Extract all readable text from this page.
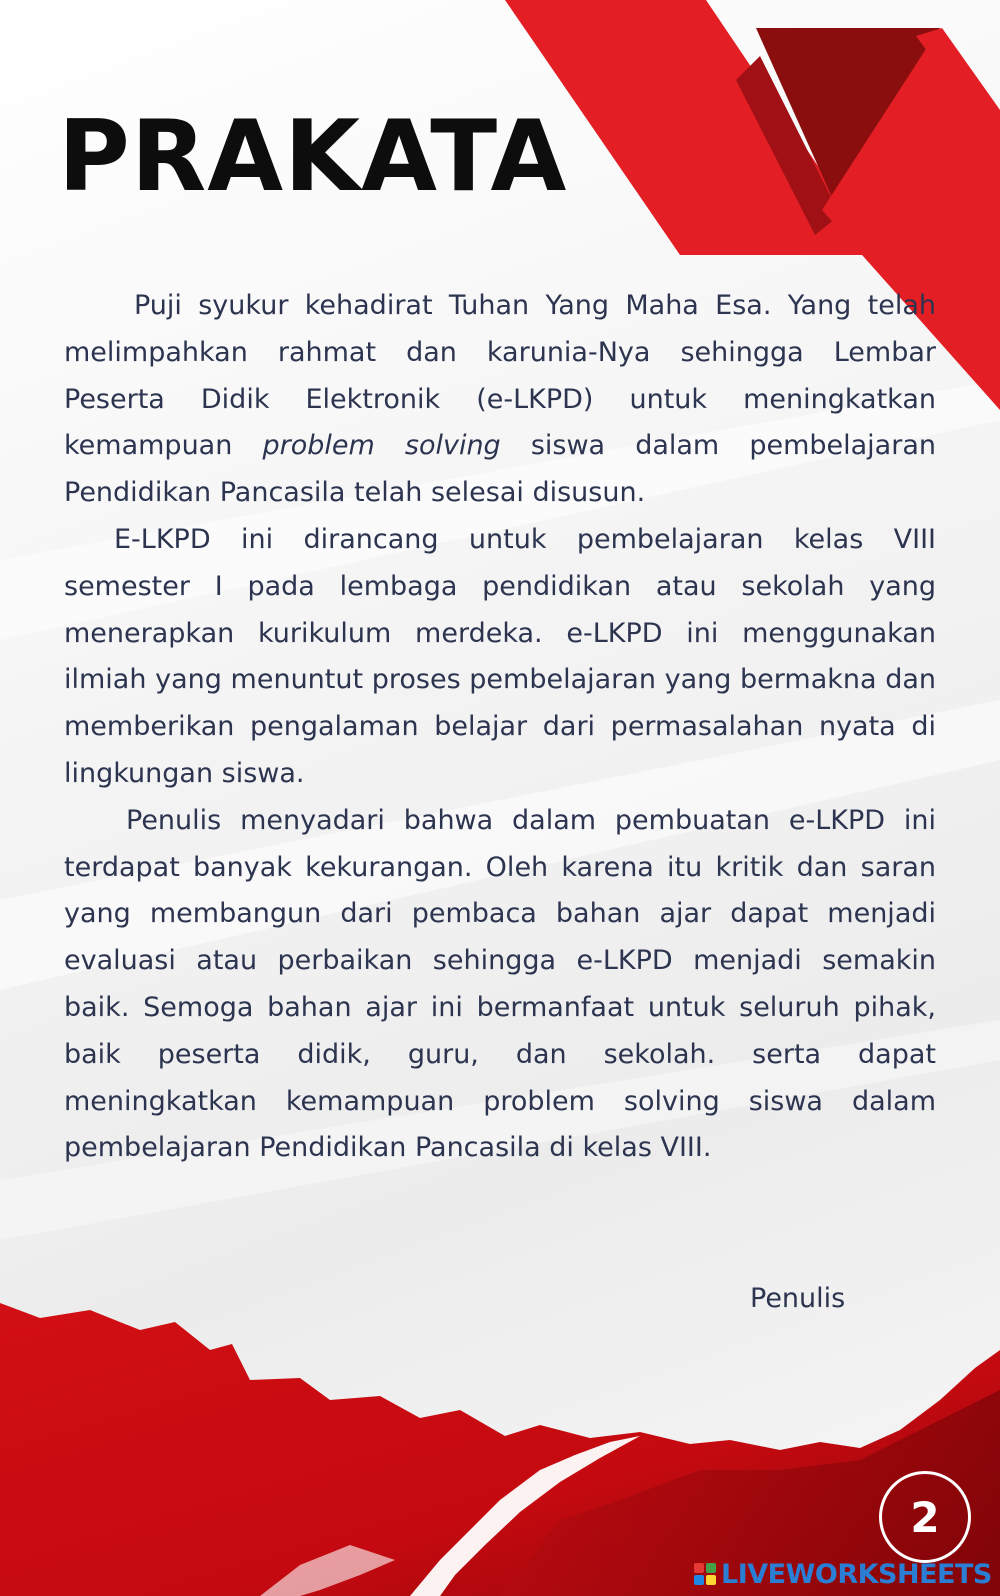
PRAKATA

Puji syukur kehadirat Tuhan Yang Maha Esa. Yang telah melimpahkan rahmat dan karunia-Nya sehingga Lembar Peserta Didik Elektronik (e-LKPD) untuk meningkatkan kemampuan problem solving siswa dalam pembelajaran Pendidikan Pancasila telah selesai disusun.

E-LKPD ini dirancang untuk pembelajaran kelas VIII semester I pada lembaga pendidikan atau sekolah yang menerapkan kurikulum merdeka. e-LKPD ini menggunakan ilmiah yang menuntut proses pembelajaran yang bermakna dan memberikan pengalaman belajar dari permasalahan nyata di lingkungan siswa.

Penulis menyadari bahwa dalam pembuatan e-LKPD ini terdapat banyak kekurangan. Oleh karena itu kritik dan saran yang membangun dari pembaca bahan ajar dapat menjadi evaluasi atau perbaikan sehingga e-LKPD menjadi semakin baik. Semoga bahan ajar ini bermanfaat untuk seluruh pihak, baik peserta didik, guru, dan sekolah. serta dapat meningkatkan kemampuan problem solving siswa dalam pembelajaran Pendidikan Pancasila di kelas VIII.

Penulis
2
LIVEWORKSHEETS
